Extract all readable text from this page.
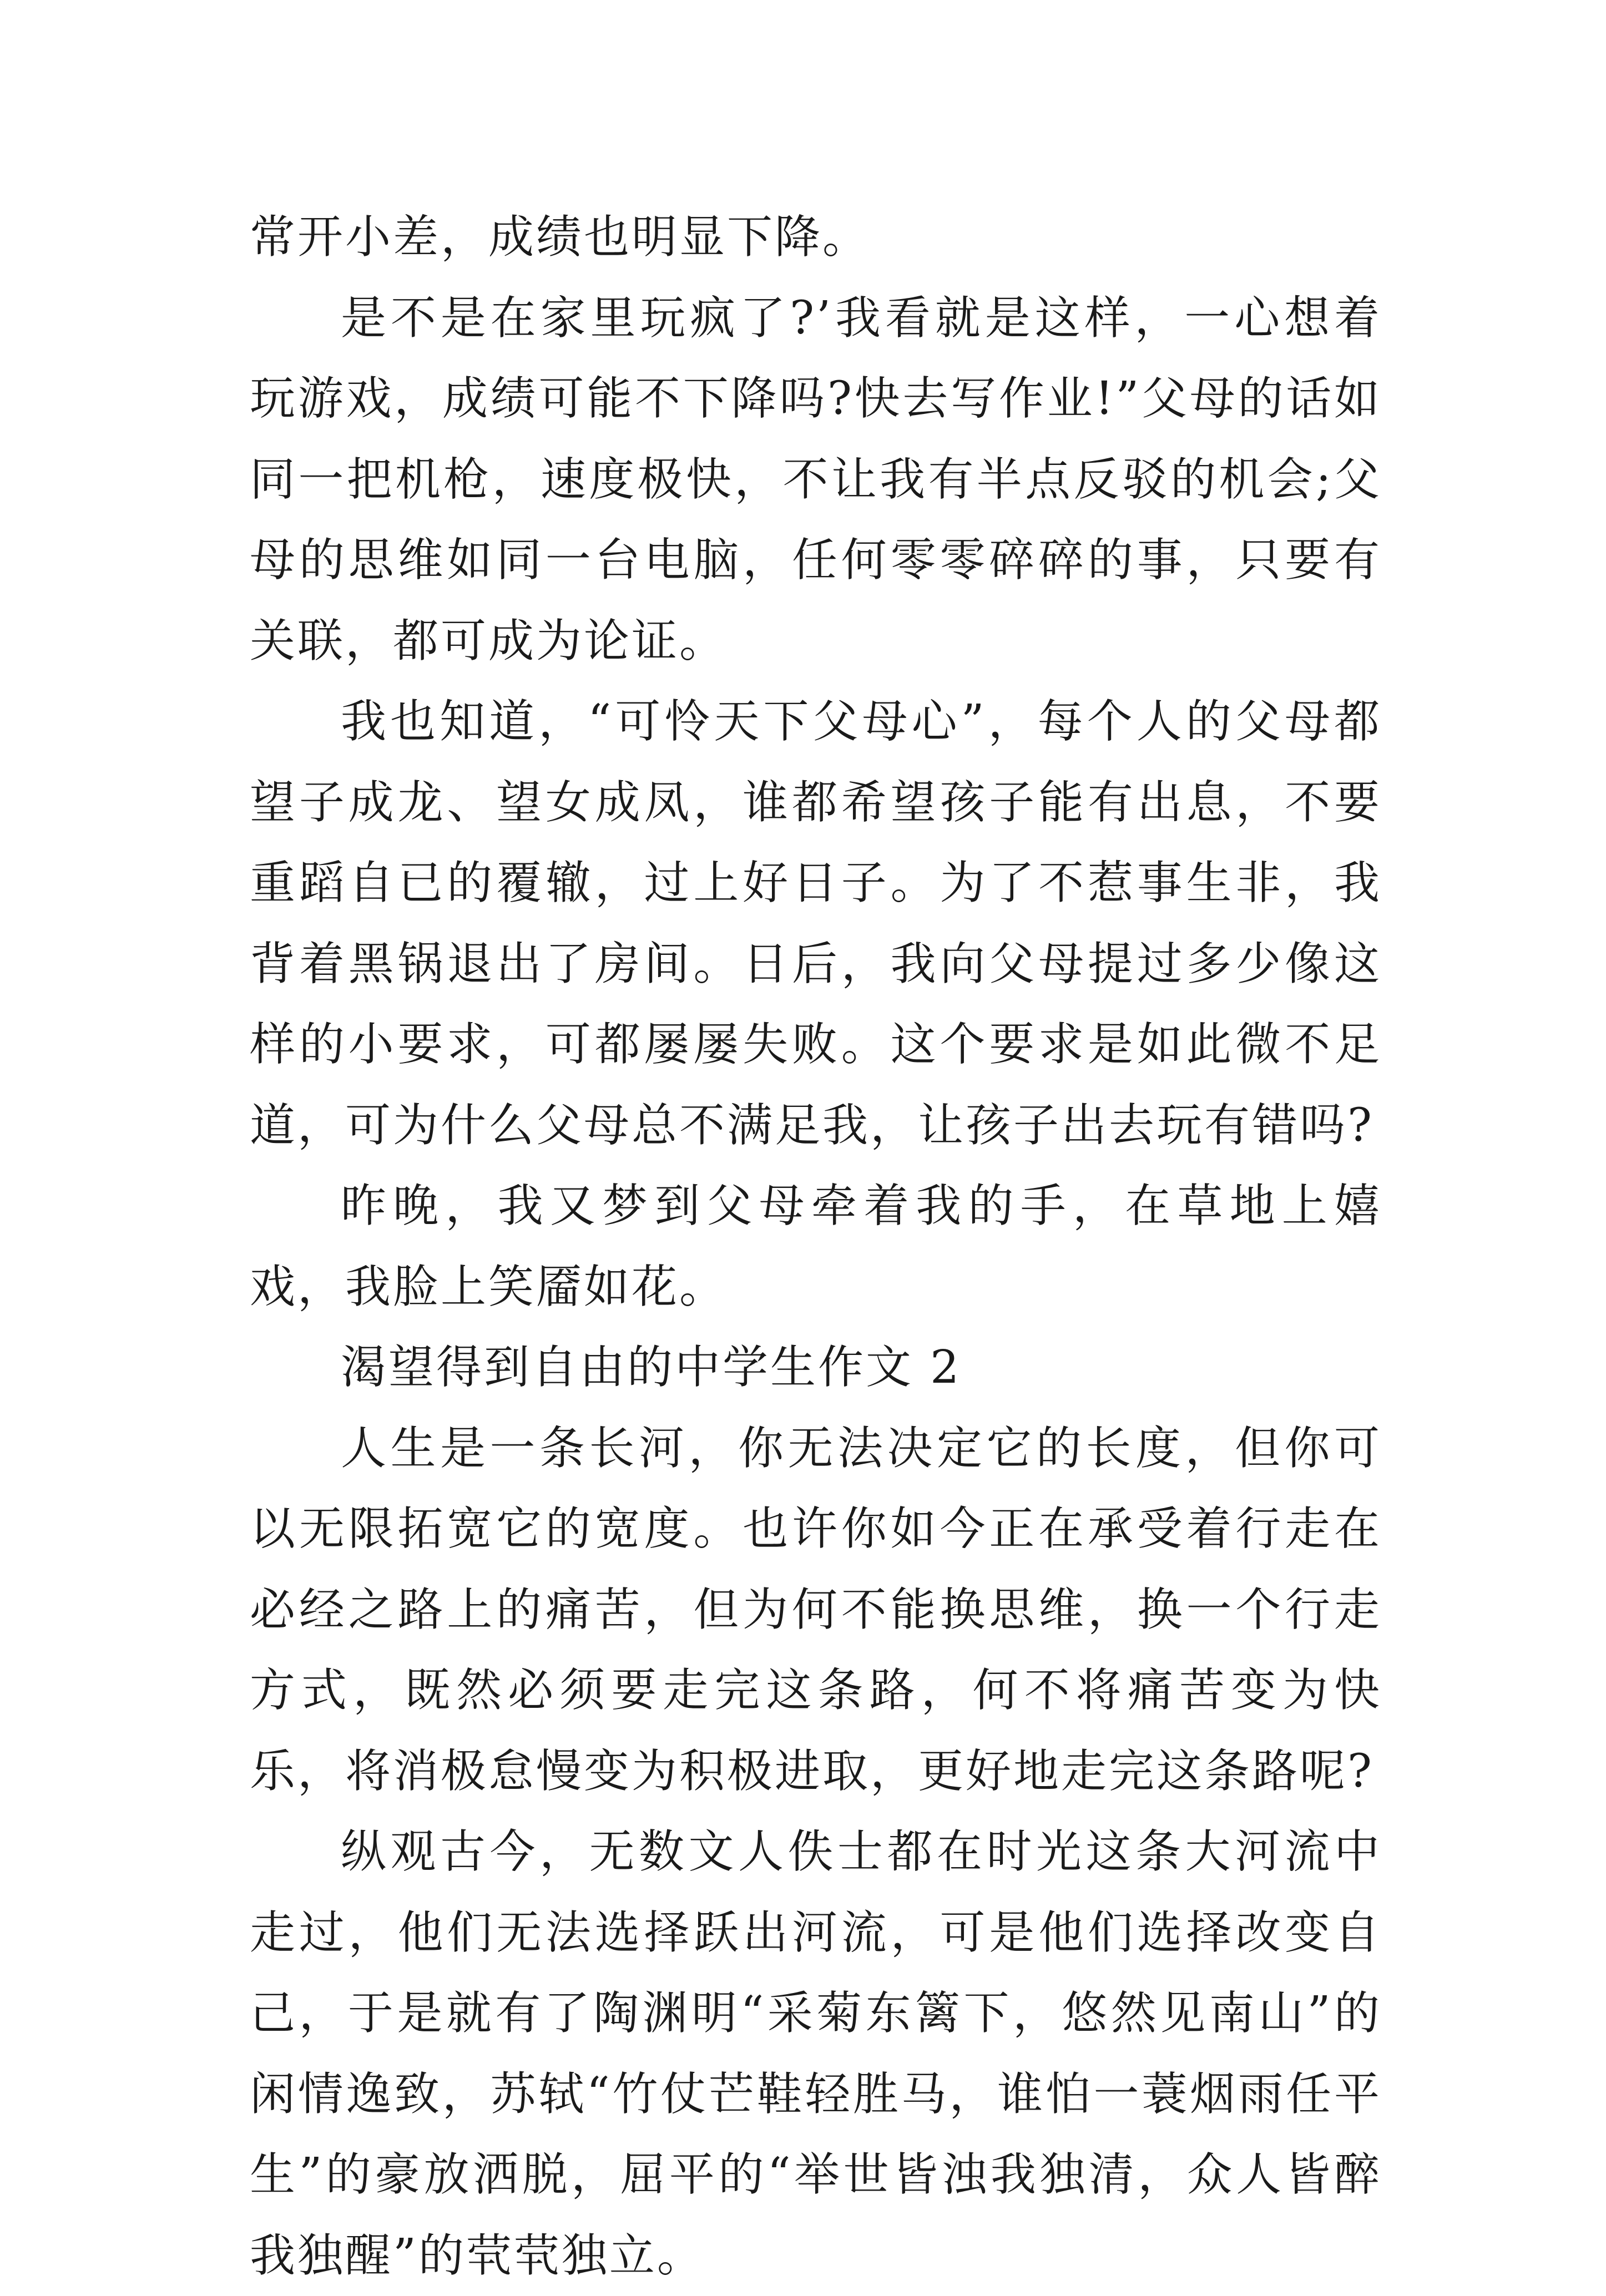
常开小差，成绩也明显下降。

是不是在家里玩疯了?’我看就是这样，一心想着玩游戏，成绩可能不下降吗?快去写作业!”父母的话如同一把机枪，速度极快，不让我有半点反驳的机会;父母的思维如同一台电脑，任何零零碎碎的事，只要有关联，都可成为论证。

我也知道，“可怜天下父母心”，每个人的父母都望子成龙、望女成凤，谁都希望孩子能有出息，不要重蹈自已的覆辙，过上好日子。为了不惹事生非，我背着黑锅退出了房间。日后，我向父母提过多少像这样的小要求，可都屡屡失败。这个要求是如此微不足道，可为什么父母总不满足我，让孩子出去玩有错吗?

昨晚，我又梦到父母牵着我的手，在草地上嬉戏，我脸上笑靥如花。

渴望得到自由的中学生作文 2

人生是一条长河，你无法决定它的长度，但你可以无限拓宽它的宽度。也许你如今正在承受着行走在必经之路上的痛苦，但为何不能换思维，换一个行走方式，既然必须要走完这条路，何不将痛苦变为快乐，将消极怠慢变为积极进取，更好地走完这条路呢?

纵观古今，无数文人佚士都在时光这条大河流中走过，他们无法选择跃出河流，可是他们选择改变自己，于是就有了陶渊明“采菊东篱下，悠然见南山”的闲情逸致，苏轼“竹仗芒鞋轻胜马，谁怕一蓑烟雨任平生”的豪放洒脱，屈平的“举世皆浊我独清，众人皆醉我独醒”的茕茕独立。
